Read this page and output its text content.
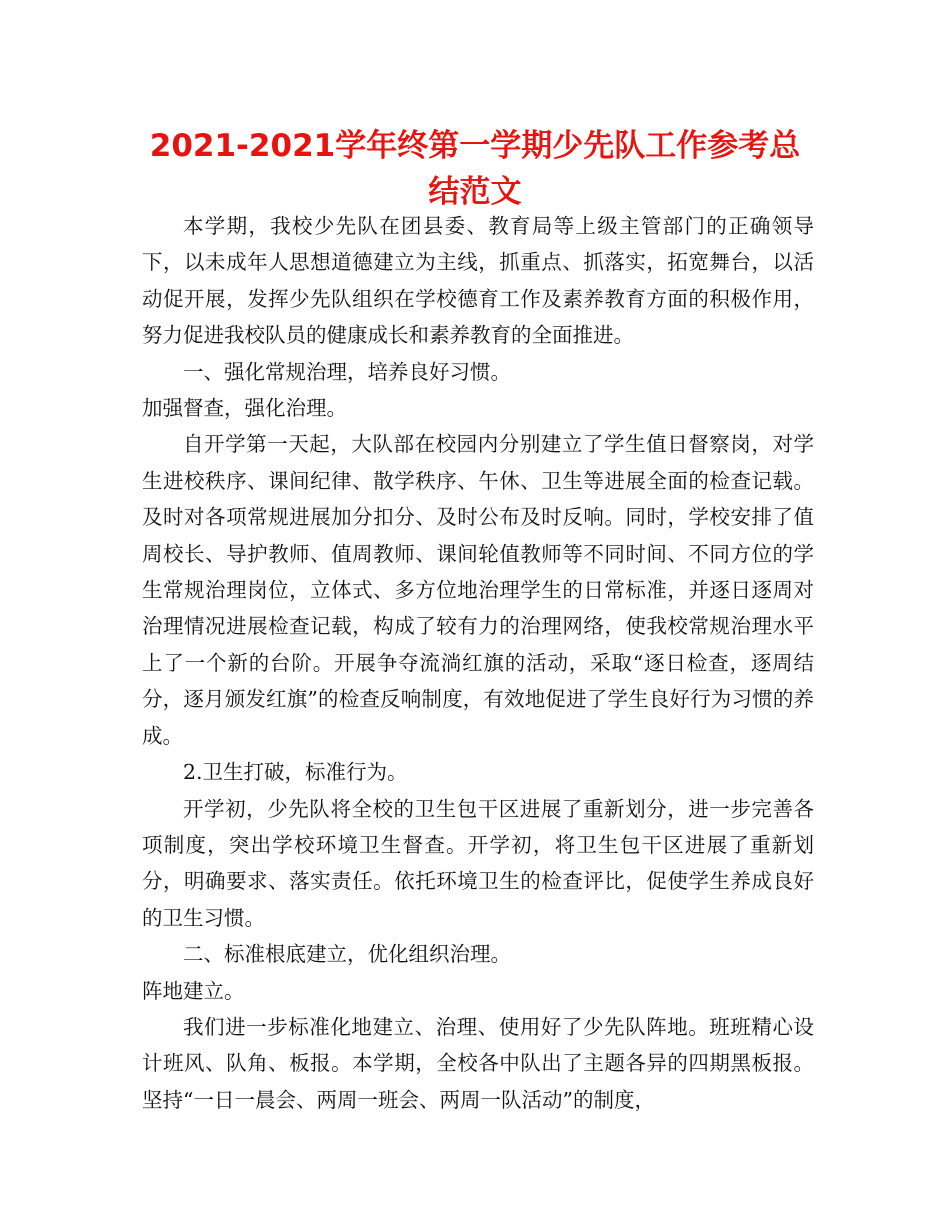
2021-2021学年终第一学期少先队工作参考总
结范文

本学期，我校少先队在团县委、教育局等上级主管部门的正确领导下，以未成年人思想道德建立为主线，抓重点、抓落实，拓宽舞台，以活动促开展，发挥少先队组织在学校德育工作及素养教育方面的积极作用，努力促进我校队员的健康成长和素养教育的全面推进。

一、强化常规治理，培养良好习惯。

加强督查，强化治理。

自开学第一天起，大队部在校园内分别建立了学生值日督察岗，对学生进校秩序、课间纪律、散学秩序、午休、卫生等进展全面的检查记载。及时对各项常规进展加分扣分、及时公布及时反响。同时，学校安排了值周校长、导护教师、值周教师、课间轮值教师等不同时间、不同方位的学生常规治理岗位，立体式、多方位地治理学生的日常标准，并逐日逐周对治理情况进展检查记载，构成了较有力的治理网络，使我校常规治理水平上了一个新的台阶。开展争夺流淌红旗的活动，采取“逐日检查，逐周结分，逐月颁发红旗”的检查反响制度，有效地促进了学生良好行为习惯的养成。

2.卫生打破，标准行为。

开学初，少先队将全校的卫生包干区进展了重新划分，进一步完善各项制度，突出学校环境卫生督查。开学初，将卫生包干区进展了重新划分，明确要求、落实责任。依托环境卫生的检查评比，促使学生养成良好的卫生习惯。

二、标准根底建立，优化组织治理。

阵地建立。

我们进一步标准化地建立、治理、使用好了少先队阵地。班班精心设计班风、队角、板报。本学期，全校各中队出了主题各异的四期黑板报。坚持“一日一晨会、两周一班会、两周一队活动”的制度，
